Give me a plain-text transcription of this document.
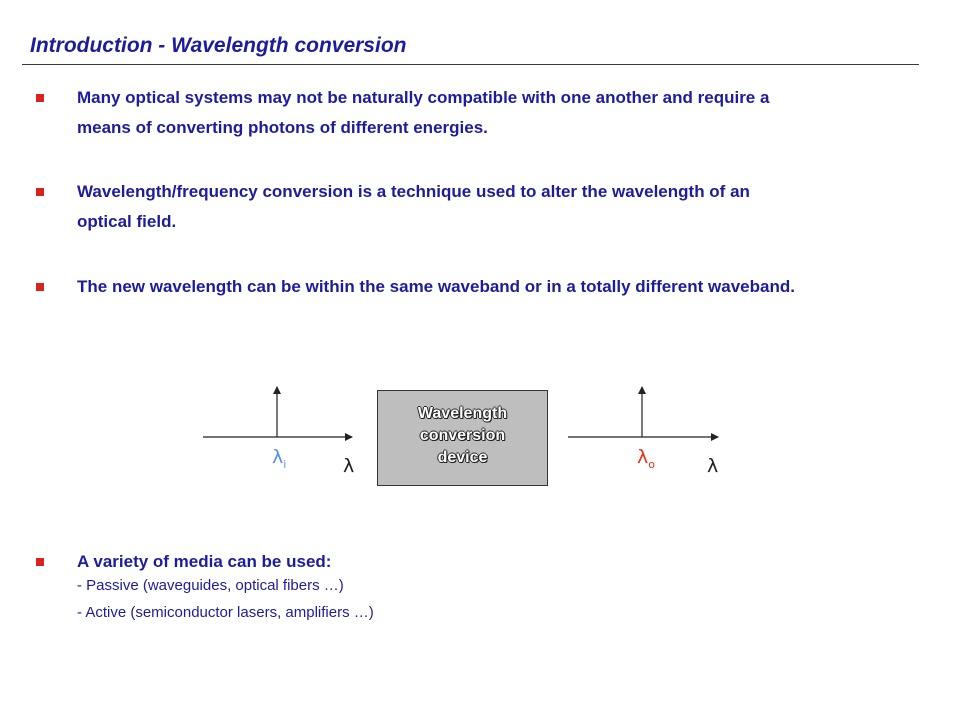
Introduction - Wavelength conversion
Many optical systems may not be naturally compatible with one another and require a
means of converting photons of different energies.
Wavelength/frequency conversion is a technique used to alter the wavelength of an
optical field.
The new wavelength can be within the same waveband or in a totally different waveband.
Wavelength
conversion
device
$\lambda_i$	λ	$\lambda_o$	λ
A variety of media can be used:
- Passive (waveguides, optical fibers …)
- Active (semiconductor lasers, amplifiers …)
